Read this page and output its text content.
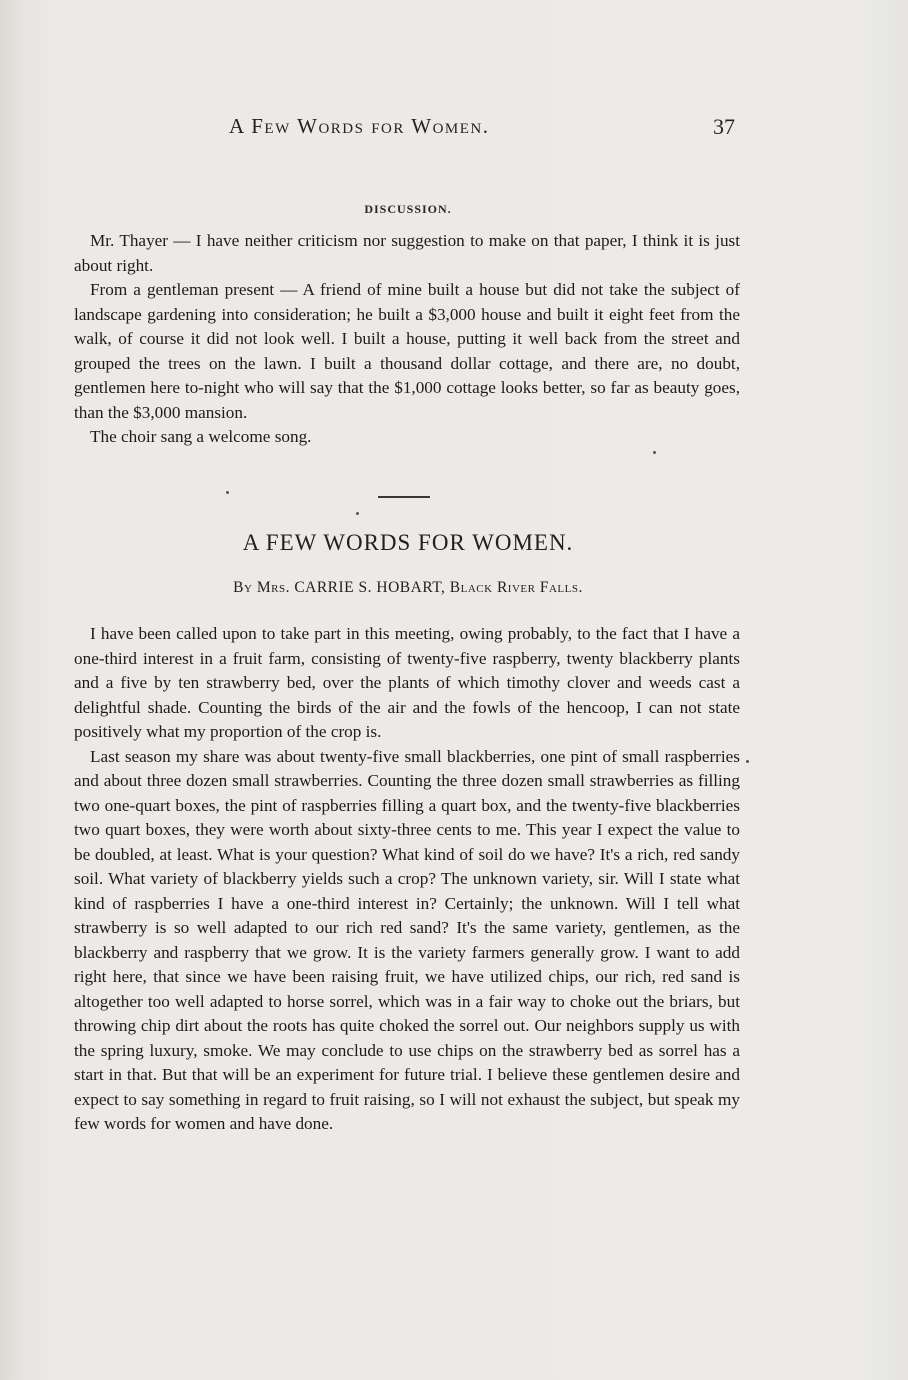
A Few Words for Women.	37
DISCUSSION.

Mr. Thayer — I have neither criticism nor suggestion to make on that paper, I think it is just about right.

From a gentleman present — A friend of mine built a house but did not take the subject of landscape gardening into consideration; he built a $3,000 house and built it eight feet from the walk, of course it did not look well. I built a house, putting it well back from the street and grouped the trees on the lawn. I built a thousand dollar cottage, and there are, no doubt, gentlemen here to-night who will say that the $1,000 cottage looks better, so far as beauty goes, than the $3,000 mansion.

The choir sang a welcome song.

A FEW WORDS FOR WOMEN.
By Mrs. CARRIE S. HOBART, Black River Falls.

I have been called upon to take part in this meeting, owing probably, to the fact that I have a one-third interest in a fruit farm, consisting of twenty-five raspberry, twenty blackberry plants and a five by ten strawberry bed, over the plants of which timothy clover and weeds cast a delightful shade. Counting the birds of the air and the fowls of the hencoop, I can not state positively what my proportion of the crop is.

Last season my share was about twenty-five small blackberries, one pint of small raspberries and about three dozen small strawberries. Counting the three dozen small strawberries as filling two one-quart boxes, the pint of raspberries filling a quart box, and the twenty-five blackberries two quart boxes, they were worth about sixty-three cents to me. This year I expect the value to be doubled, at least. What is your question? What kind of soil do we have? It's a rich, red sandy soil. What variety of blackberry yields such a crop? The unknown variety, sir. Will I state what kind of raspberries I have a one-third interest in? Certainly; the unknown. Will I tell what strawberry is so well adapted to our rich red sand? It's the same variety, gentlemen, as the blackberry and raspberry that we grow. It is the variety farmers generally grow. I want to add right here, that since we have been raising fruit, we have utilized chips, our rich, red sand is altogether too well adapted to horse sorrel, which was in a fair way to choke out the briars, but throwing chip dirt about the roots has quite choked the sorrel out. Our neighbors supply us with the spring luxury, smoke. We may conclude to use chips on the strawberry bed as sorrel has a start in that. But that will be an experiment for future trial. I believe these gentlemen desire and expect to say something in regard to fruit raising, so I will not exhaust the subject, but speak my few words for women and have done.
